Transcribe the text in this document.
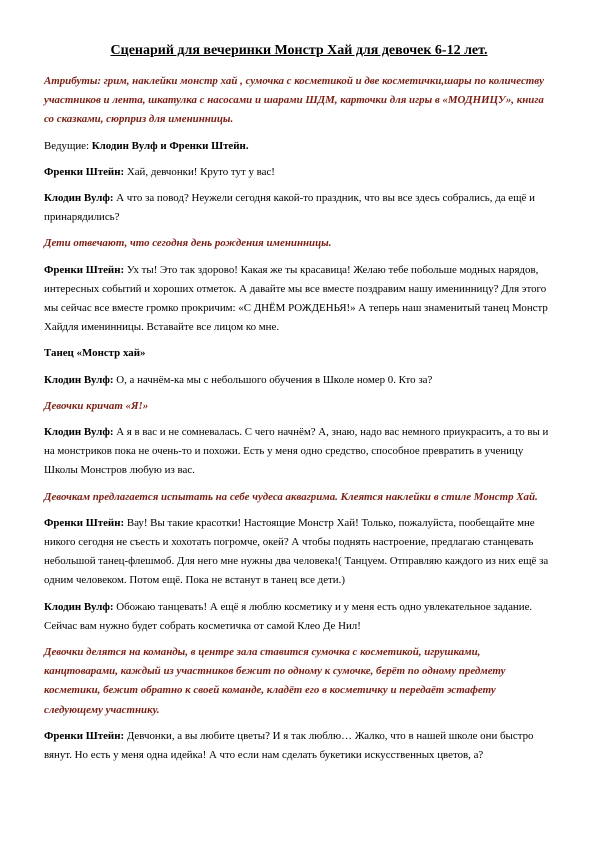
Сценарий для вечеринки Монстр Хай для девочек 6-12 лет.

Атрибуты: грим, наклейки монстр хай , сумочка с косметикой и две косметички,шары по количеству участников и лента, шкатулка с насосами и шарами ШДМ, карточки для игры в «МОДНИЦУ», книга со сказками, сюрприз для именинницы.

Ведущие: Клодин Вулф и Френки Штейн.

Френки Штейн: Хай, девчонки! Круто тут у вас!

Клодин Вулф: А что за повод? Неужели сегодня какой-то праздник, что вы все здесь собрались, да ещё и принарядились?

Дети отвечают, что сегодня день рождения именинницы.

Френки Штейн: Ух ты! Это так здорово! Какая же ты красавица! Желаю тебе побольше модных нарядов, интересных событий и хороших отметок. А давайте мы все вместе поздравим нашу именинницу? Для этого мы сейчас все вместе громко прокричим: «С ДНЁМ РОЖДЕНЬЯ!» А теперь наш знаменитый танец Монстр Хайдля именинницы. Вставайте все лицом ко мне.

Танец «Монстр хай»

Клодин Вулф: О, а начнём-ка мы с небольшого обучения в Школе номер 0. Кто за?

Девочки кричат «Я!»

Клодин Вулф: А я в вас и не сомневалась. С чего начнём? А, знаю, надо вас немного приукрасить, а то вы и на монстриков пока не очень-то и похожи. Есть у меня одно средство, способное превратить в ученицу Школы Монстров любую из вас.

Девочкам предлагается испытать на себе чудеса аквагрима. Клеятся наклейки в стиле Монстр Хай.

Френки Штейн: Вау! Вы такие красотки! Настоящие Монстр Хай! Только, пожалуйста, пообещайте мне никого сегодня не съесть и хохотать погромче, окей? А чтобы поднять настроение, предлагаю станцевать небольшой танец-флешмоб. Для него мне нужны два человека!( Танцуем. Отправляю каждого из них ещё за одним человеком. Потом ещё. Пока не встанут в танец все дети.)

Клодин Вулф: Обожаю танцевать! А ещё я люблю косметику и у меня есть одно увлекательное задание. Сейчас вам нужно будет собрать косметичка от самой Клео Де Нил!

Девочки делятся на команды, в центре зала ставится сумочка с косметикой, игрушками, канцтоварами, каждый из участников бежит по одному к сумочке, берёт по одному предмету косметики, бежит обратно к своей команде, кладёт его в косметичку и передаёт эстафету следующему участнику.

Френки Штейн: Девчонки, а вы любите цветы? И я так люблю… Жалко, что в нашей школе они быстро вянут. Но есть у меня одна идейка! А что если нам сделать букетики искусственных цветов, а?
